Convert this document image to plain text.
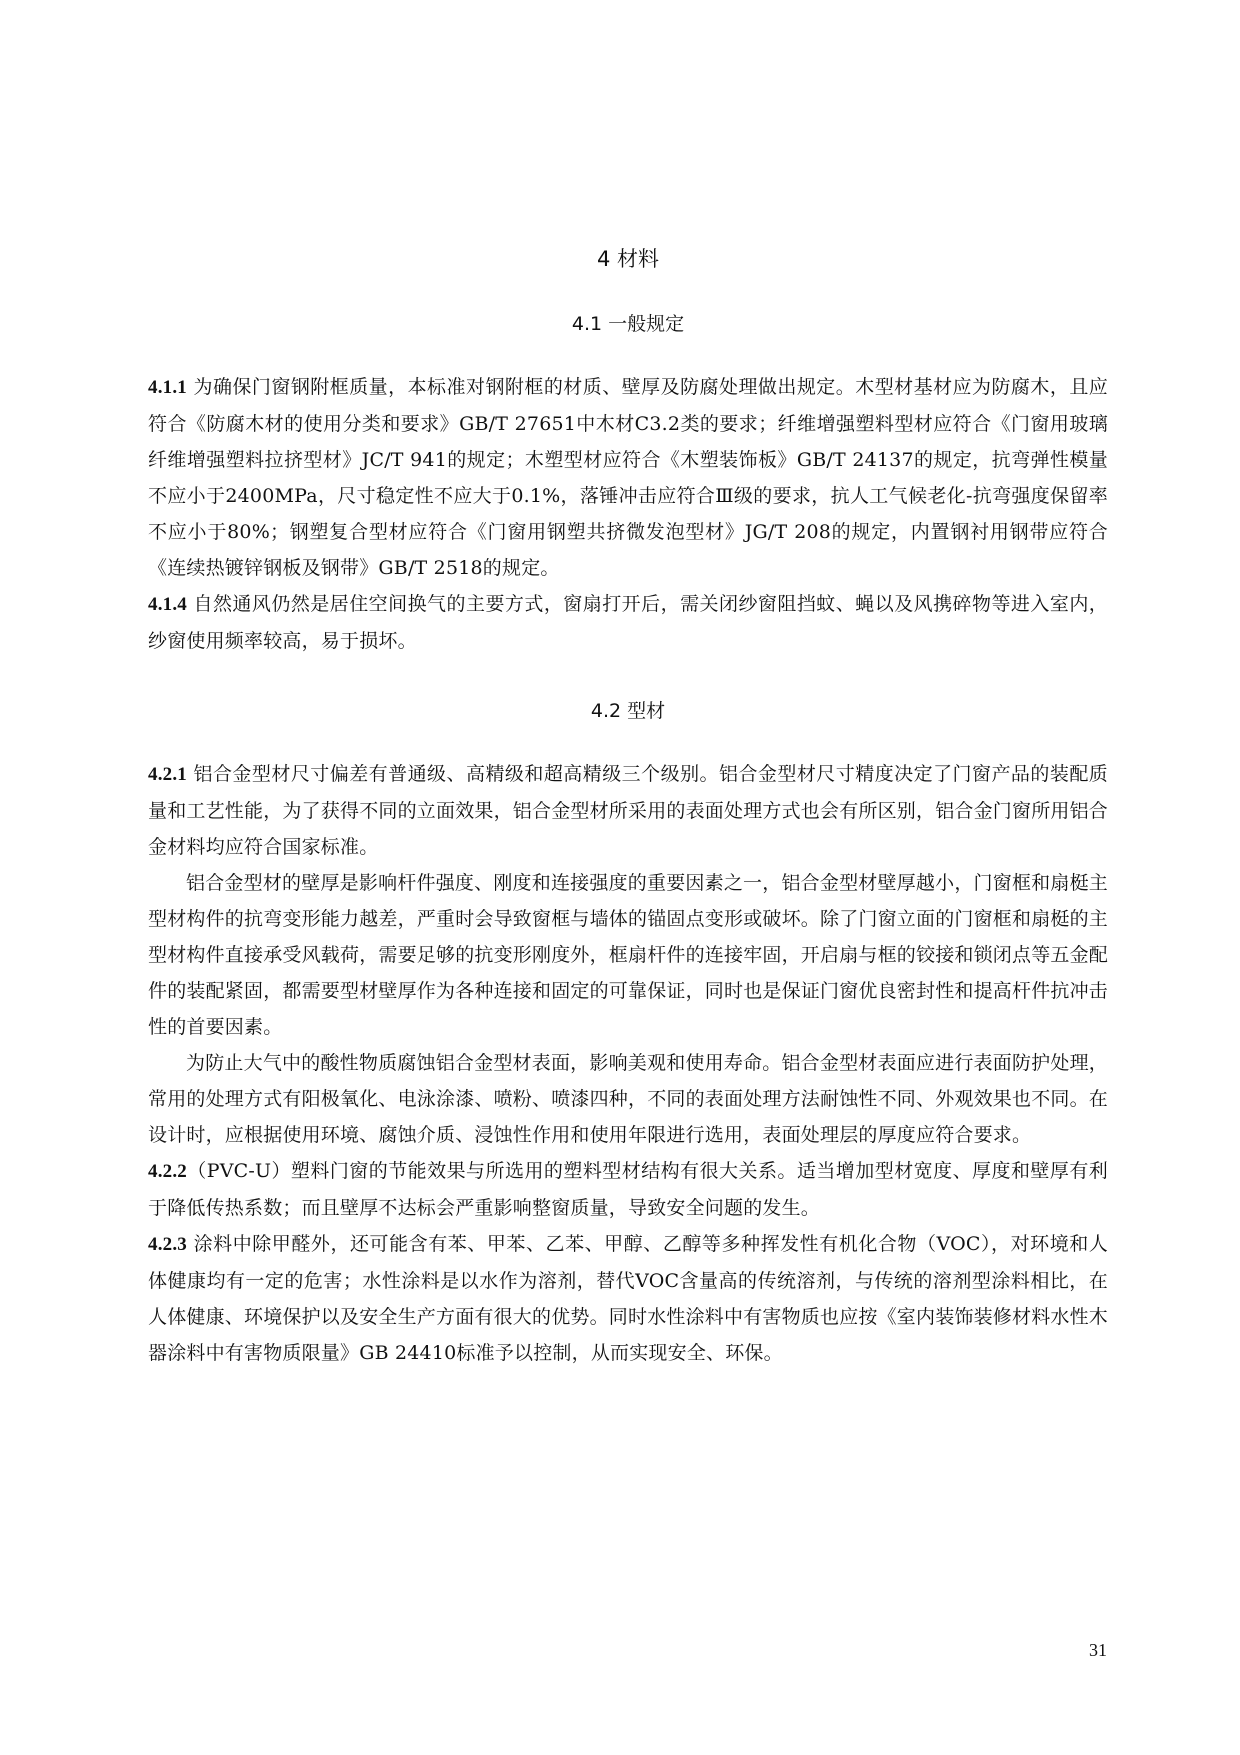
4 材料
4.1 一般规定

4.1.1 为确保门窗钢附框质量，本标准对钢附框的材质、壁厚及防腐处理做出规定。木型材基材应为防腐木，且应符合《防腐木材的使用分类和要求》GB/T 27651中木材C3.2类的要求；纤维增强塑料型材应符合《门窗用玻璃纤维增强塑料拉挤型材》JC/T 941的规定；木塑型材应符合《木塑装饰板》GB/T 24137的规定，抗弯弹性模量不应小于2400MPa，尺寸稳定性不应大于0.1%，落锤冲击应符合Ⅲ级的要求，抗人工气候老化-抗弯强度保留率不应小于80%；钢塑复合型材应符合《门窗用钢塑共挤微发泡型材》JG/T 208的规定，内置钢衬用钢带应符合《连续热镀锌钢板及钢带》GB/T 2518的规定。

4.1.4 自然通风仍然是居住空间换气的主要方式，窗扇打开后，需关闭纱窗阻挡蚊、蝇以及风携碎物等进入室内，纱窗使用频率较高，易于损坏。

4.2 型材

4.2.1 铝合金型材尺寸偏差有普通级、高精级和超高精级三个级别。铝合金型材尺寸精度决定了门窗产品的装配质量和工艺性能，为了获得不同的立面效果，铝合金型材所采用的表面处理方式也会有所区别，铝合金门窗所用铝合金材料均应符合国家标准。

铝合金型材的壁厚是影响杆件强度、刚度和连接强度的重要因素之一，铝合金型材壁厚越小，门窗框和扇梃主型材构件的抗弯变形能力越差，严重时会导致窗框与墙体的锚固点变形或破坏。除了门窗立面的门窗框和扇梃的主型材构件直接承受风载荷，需要足够的抗变形刚度外，框扇杆件的连接牢固，开启扇与框的铰接和锁闭点等五金配件的装配紧固，都需要型材壁厚作为各种连接和固定的可靠保证，同时也是保证门窗优良密封性和提高杆件抗冲击性的首要因素。

为防止大气中的酸性物质腐蚀铝合金型材表面，影响美观和使用寿命。铝合金型材表面应进行表面防护处理，常用的处理方式有阳极氧化、电泳涂漆、喷粉、喷漆四种，不同的表面处理方法耐蚀性不同、外观效果也不同。在设计时，应根据使用环境、腐蚀介质、浸蚀性作用和使用年限进行选用，表面处理层的厚度应符合要求。

4.2.2（PVC-U）塑料门窗的节能效果与所选用的塑料型材结构有很大关系。适当增加型材宽度、厚度和壁厚有利于降低传热系数；而且壁厚不达标会严重影响整窗质量，导致安全问题的发生。

4.2.3 涂料中除甲醛外，还可能含有苯、甲苯、乙苯、甲醇、乙醇等多种挥发性有机化合物（VOC），对环境和人体健康均有一定的危害；水性涂料是以水作为溶剂，替代VOC含量高的传统溶剂，与传统的溶剂型涂料相比，在人体健康、环境保护以及安全生产方面有很大的优势。同时水性涂料中有害物质也应按《室内装饰装修材料水性木器涂料中有害物质限量》GB 24410标准予以控制，从而实现安全、环保。

31
